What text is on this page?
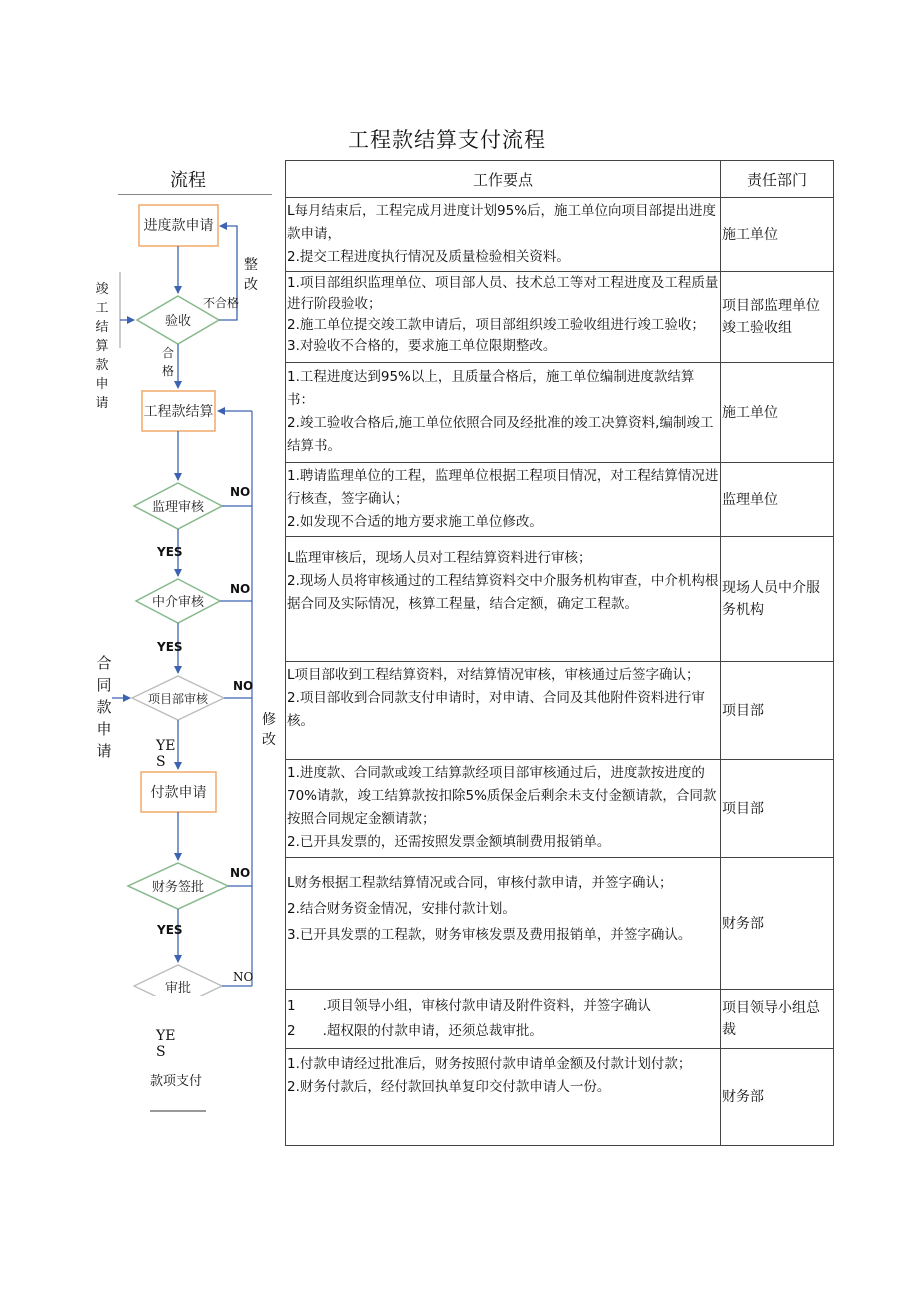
工程款结算支付流程
流程
进度款申请
验收
工程款结算
监理审核
中介审核
项目部审核
付款申请
财务签批
审批
不合格
整改
合格
NO
NO
NO
NO
NO
YES
YES
YES
YE
S
YE
S
修改
竣工结算款申请
合同款申请
款项支付
工作要点	责任部门

L每月结束后，工程完成月进度计划95%后，施工单位向项目部提出进度款申请，
2.提交工程进度执行情况及质量检验相关资料。	施工单位

1.项目部组织监理单位、项目部人员、技术总工等对工程进度及工程质量进行阶段验收；
2.施工单位提交竣工款申请后，项目部组织竣工验收组进行竣工验收；
3.对验收不合格的，要求施工单位限期整改。	项目部监理单位竣工验收组

1.工程进度达到95%以上，且质量合格后，施工单位编制进度款结算书：
2.竣工验收合格后,施工单位依照合同及经批准的竣工决算资料,编制竣工结算书。	施工单位

1.聘请监理单位的工程，监理单位根据工程项目情况，对工程结算情况进行核查，签字确认；
2.如发现不合适的地方要求施工单位修改。	监理单位

L监理审核后，现场人员对工程结算资料进行审核；
2.现场人员将审核通过的工程结算资料交中介服务机构审查，中介机构根据合同及实际情况，核算工程量，结合定额，确定工程款。	现场人员中介服务机构

L项目部收到工程结算资料，对结算情况审核，审核通过后签字确认；
2.项目部收到合同款支付申请时，对申请、合同及其他附件资料进行审核。	项目部

1.进度款、合同款或竣工结算款经项目部审核通过后，进度款按进度的70%请款，竣工结算款按扣除5%质保金后剩余未支付金额请款，合同款按照合同规定金额请款；
2.已开具发票的，还需按照发票金额填制费用报销单。	项目部

L财务根据工程款结算情况或合同，审核付款申请，并签字确认；
2.结合财务资金情况，安排付款计划。
3.已开具发票的工程款，财务审核发票及费用报销单，并签字确认。	财务部

1　　.项目领导小组，审核付款申请及附件资料，并签字确认
2　　.超权限的付款申请，还须总裁审批。	项目领导小组总裁

1.付款申请经过批准后，财务按照付款申请单金额及付款计划付款；
2.财务付款后，经付款回执单复印交付款申请人一份。	财务部
